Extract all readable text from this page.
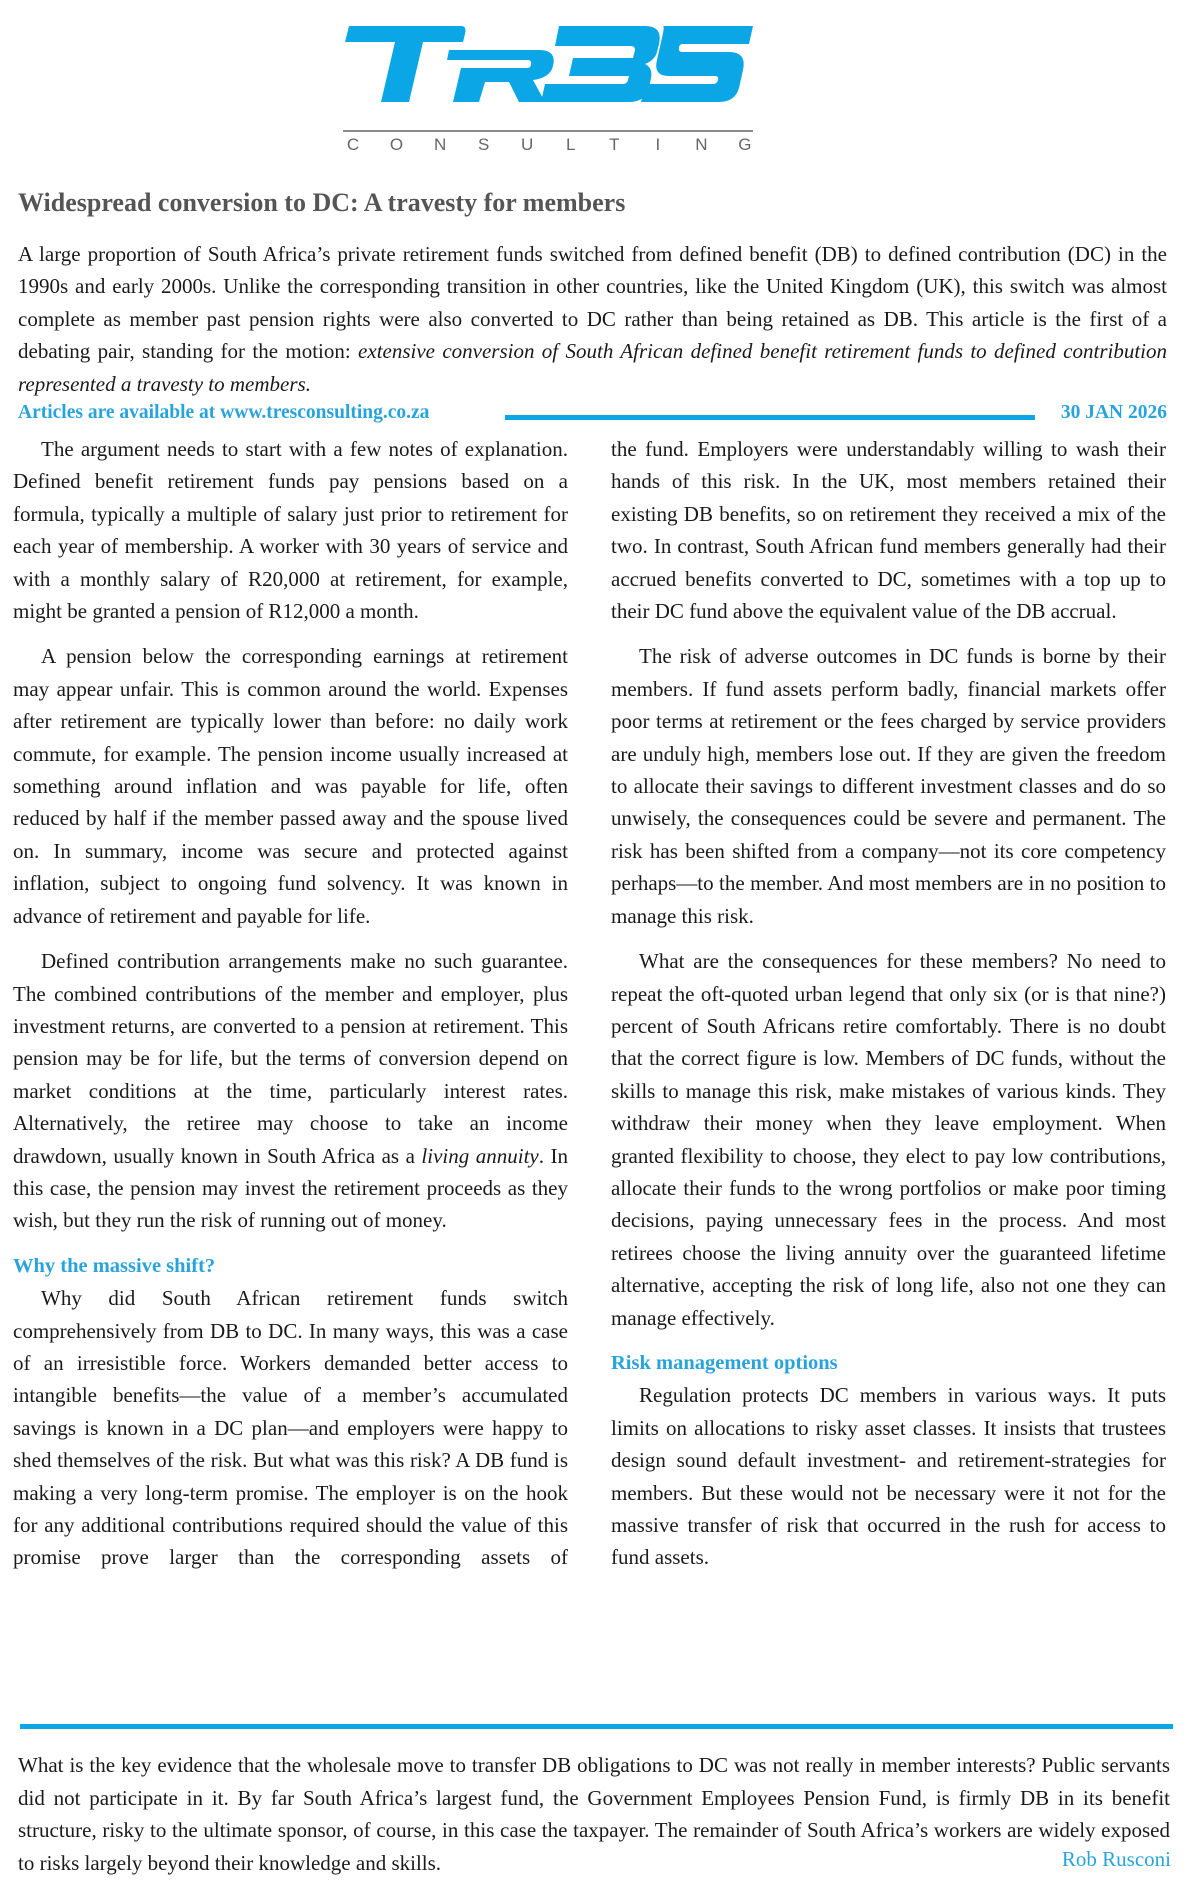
C O N S U	L	T	I	N G
Widespread conversion to DC: A travesty for members

A large proportion of South Africa’s private retirement funds switched from defined benefit (DB) to defined contribution (DC) in the 1990s and early 2000s. Unlike the corresponding transition in other countries, like the United Kingdom (UK), this switch was almost complete as member past pension rights were also converted to DC rather than being retained as DB. This article is the first of a debating pair, standing for the motion: extensive conversion of South African defined benefit retirement funds to defined contribution represented a travesty to members.

Articles are available at www.tresconsulting.co.za	30 JAN 2026

The argument needs to start with a few notes of explanation. Defined benefit retirement funds pay pensions based on a formula, typically a multiple of salary just prior to retirement for each year of membership. A worker with 30 years of service and with a monthly salary of R20,000 at retirement, for example, might be granted a pension of R12,000 a month.

A pension below the corresponding earnings at retirement may appear unfair. This is common around the world. Expenses after retirement are typically lower than before: no daily work commute, for example. The pension income usually increased at something around inflation and was payable for life, often reduced by half if the member passed away and the spouse lived on. In summary, income was secure and protected against inflation, subject to ongoing fund solvency. It was known in advance of retirement and payable for life.

Defined contribution arrangements make no such guarantee. The combined contributions of the member and employer, plus investment returns, are converted to a pension at retirement. This pension may be for life, but the terms of conversion depend on market conditions at the time, particularly interest rates. Alternatively, the retiree may choose to take an income drawdown, usually known in South Africa as a living annuity. In this case, the pension may invest the retirement proceeds as they wish, but they run the risk of running out of money.

Why the massive shift?

Why did South African retirement funds switch comprehensively from DB to DC. In many ways, this was a case of an irresistible force. Workers demanded better access to intangible benefits—the value of a member’s accumulated savings is known in a DC plan—and employers were happy to shed themselves of the risk. But what was this risk? A DB fund is making a very long-term promise. The employer is on the hook for any additional contributions required should the value of this promise prove larger than the corresponding assets of

the fund. Employers were understandably willing to wash their hands of this risk. In the UK, most members retained their existing DB benefits, so on retirement they received a mix of the two. In contrast, South African fund members generally had their accrued benefits converted to DC, sometimes with a top up to their DC fund above the equivalent value of the DB accrual.

The risk of adverse outcomes in DC funds is borne by their members. If fund assets perform badly, financial markets offer poor terms at retirement or the fees charged by service providers are unduly high, members lose out. If they are given the freedom to allocate their savings to different investment classes and do so unwisely, the consequences could be severe and permanent. The risk has been shifted from a company—not its core competency perhaps—to the member. And most members are in no position to manage this risk.

What are the consequences for these members? No need to repeat the oft-quoted urban legend that only six (or is that nine?) percent of South Africans retire comfortably. There is no doubt that the correct figure is low. Members of DC funds, without the skills to manage this risk, make mistakes of various kinds. They withdraw their money when they leave employment. When granted flexibility to choose, they elect to pay low contributions, allocate their funds to the wrong portfolios or make poor timing decisions, paying unnecessary fees in the process. And most retirees choose the living annuity over the guaranteed lifetime alternative, accepting the risk of long life, also not one they can manage effectively.

Risk management options

Regulation protects DC members in various ways. It puts limits on allocations to risky asset classes. It insists that trustees design sound default investment- and retirement-strategies for members. But these would not be necessary were it not for the massive transfer of risk that occurred in the rush for access to fund assets.

What is the key evidence that the wholesale move to transfer DB obligations to DC was not really in member interests? Public servants did not participate in it. By far South Africa’s largest fund, the Government Employees Pension Fund, is firmly DB in its benefit structure, risky to the ultimate sponsor, of course, in this case the taxpayer. The remainder of South Africa’s workers are widely exposed to risks largely beyond their knowledge and skills.	Rob Rusconi
